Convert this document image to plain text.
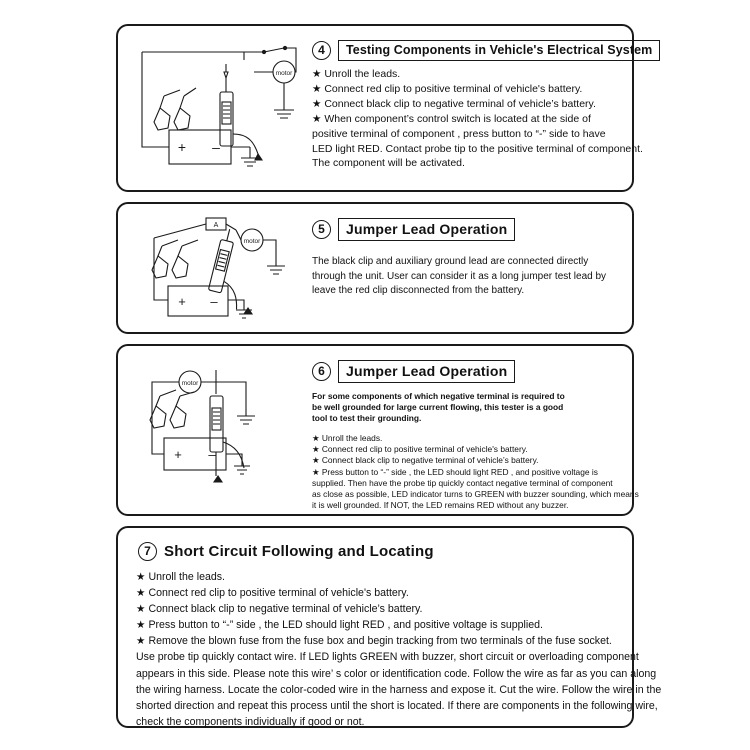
motor
+ –
4	Testing Components in Vehicle's Electrical System
★ Unroll the leads.
★ Connect red clip to positive terminal of vehicle's battery.
★ Connect black clip to negative terminal of vehicle’s battery.
★ When component’s control switch is located at the side of
positive terminal of component , press button to “-” side to have
LED light RED. Contact probe tip to the positive terminal of component.
The component will be activated.
A
motor
+ –
5	Jumper Lead Operation
The black clip and auxiliary ground lead are connected directly
through the unit. User can consider it as a long jumper test lead by
leave the red clip disconnected from the battery.
motor
+ –
6	Jumper Lead Operation
For some components of which negative terminal is required to
be well grounded for large current flowing, this tester is a good
tool to test their grounding.
★ Unroll the leads.
★ Connect red clip to positive terminal of vehicle's battery.
★ Connect black clip to negative terminal of vehicle’s battery.
★ Press button to “-” side , the LED should light RED , and positive voltage is
supplied. Then have the probe tip quickly contact negative terminal of component
as close as possible, LED indicator turns to GREEN with buzzer sounding, which means
it is well grounded. If NOT, the LED remains RED without any buzzer.
7 Short Circuit Following and Locating
★ Unroll the leads.
★ Connect red clip to positive terminal of vehicle's battery.
★ Connect black clip to negative terminal of vehicle’s battery.
★ Press button to “-” side , the LED should light RED , and positive voltage is supplied.
★ Remove the blown fuse from the fuse box and begin tracking from two terminals of the fuse socket.
Use probe tip quickly contact wire. If LED lights GREEN with buzzer, short circuit or overloading component
appears in this side. Please note this wire’ s color or identification code. Follow the wire as far as you can along
the wiring harness. Locate the color-coded wire in the harness and expose it. Cut the wire. Follow the wire in the
shorted direction and repeat this process until the short is located. If there are components in the following wire,
check the components individually if good or not.
